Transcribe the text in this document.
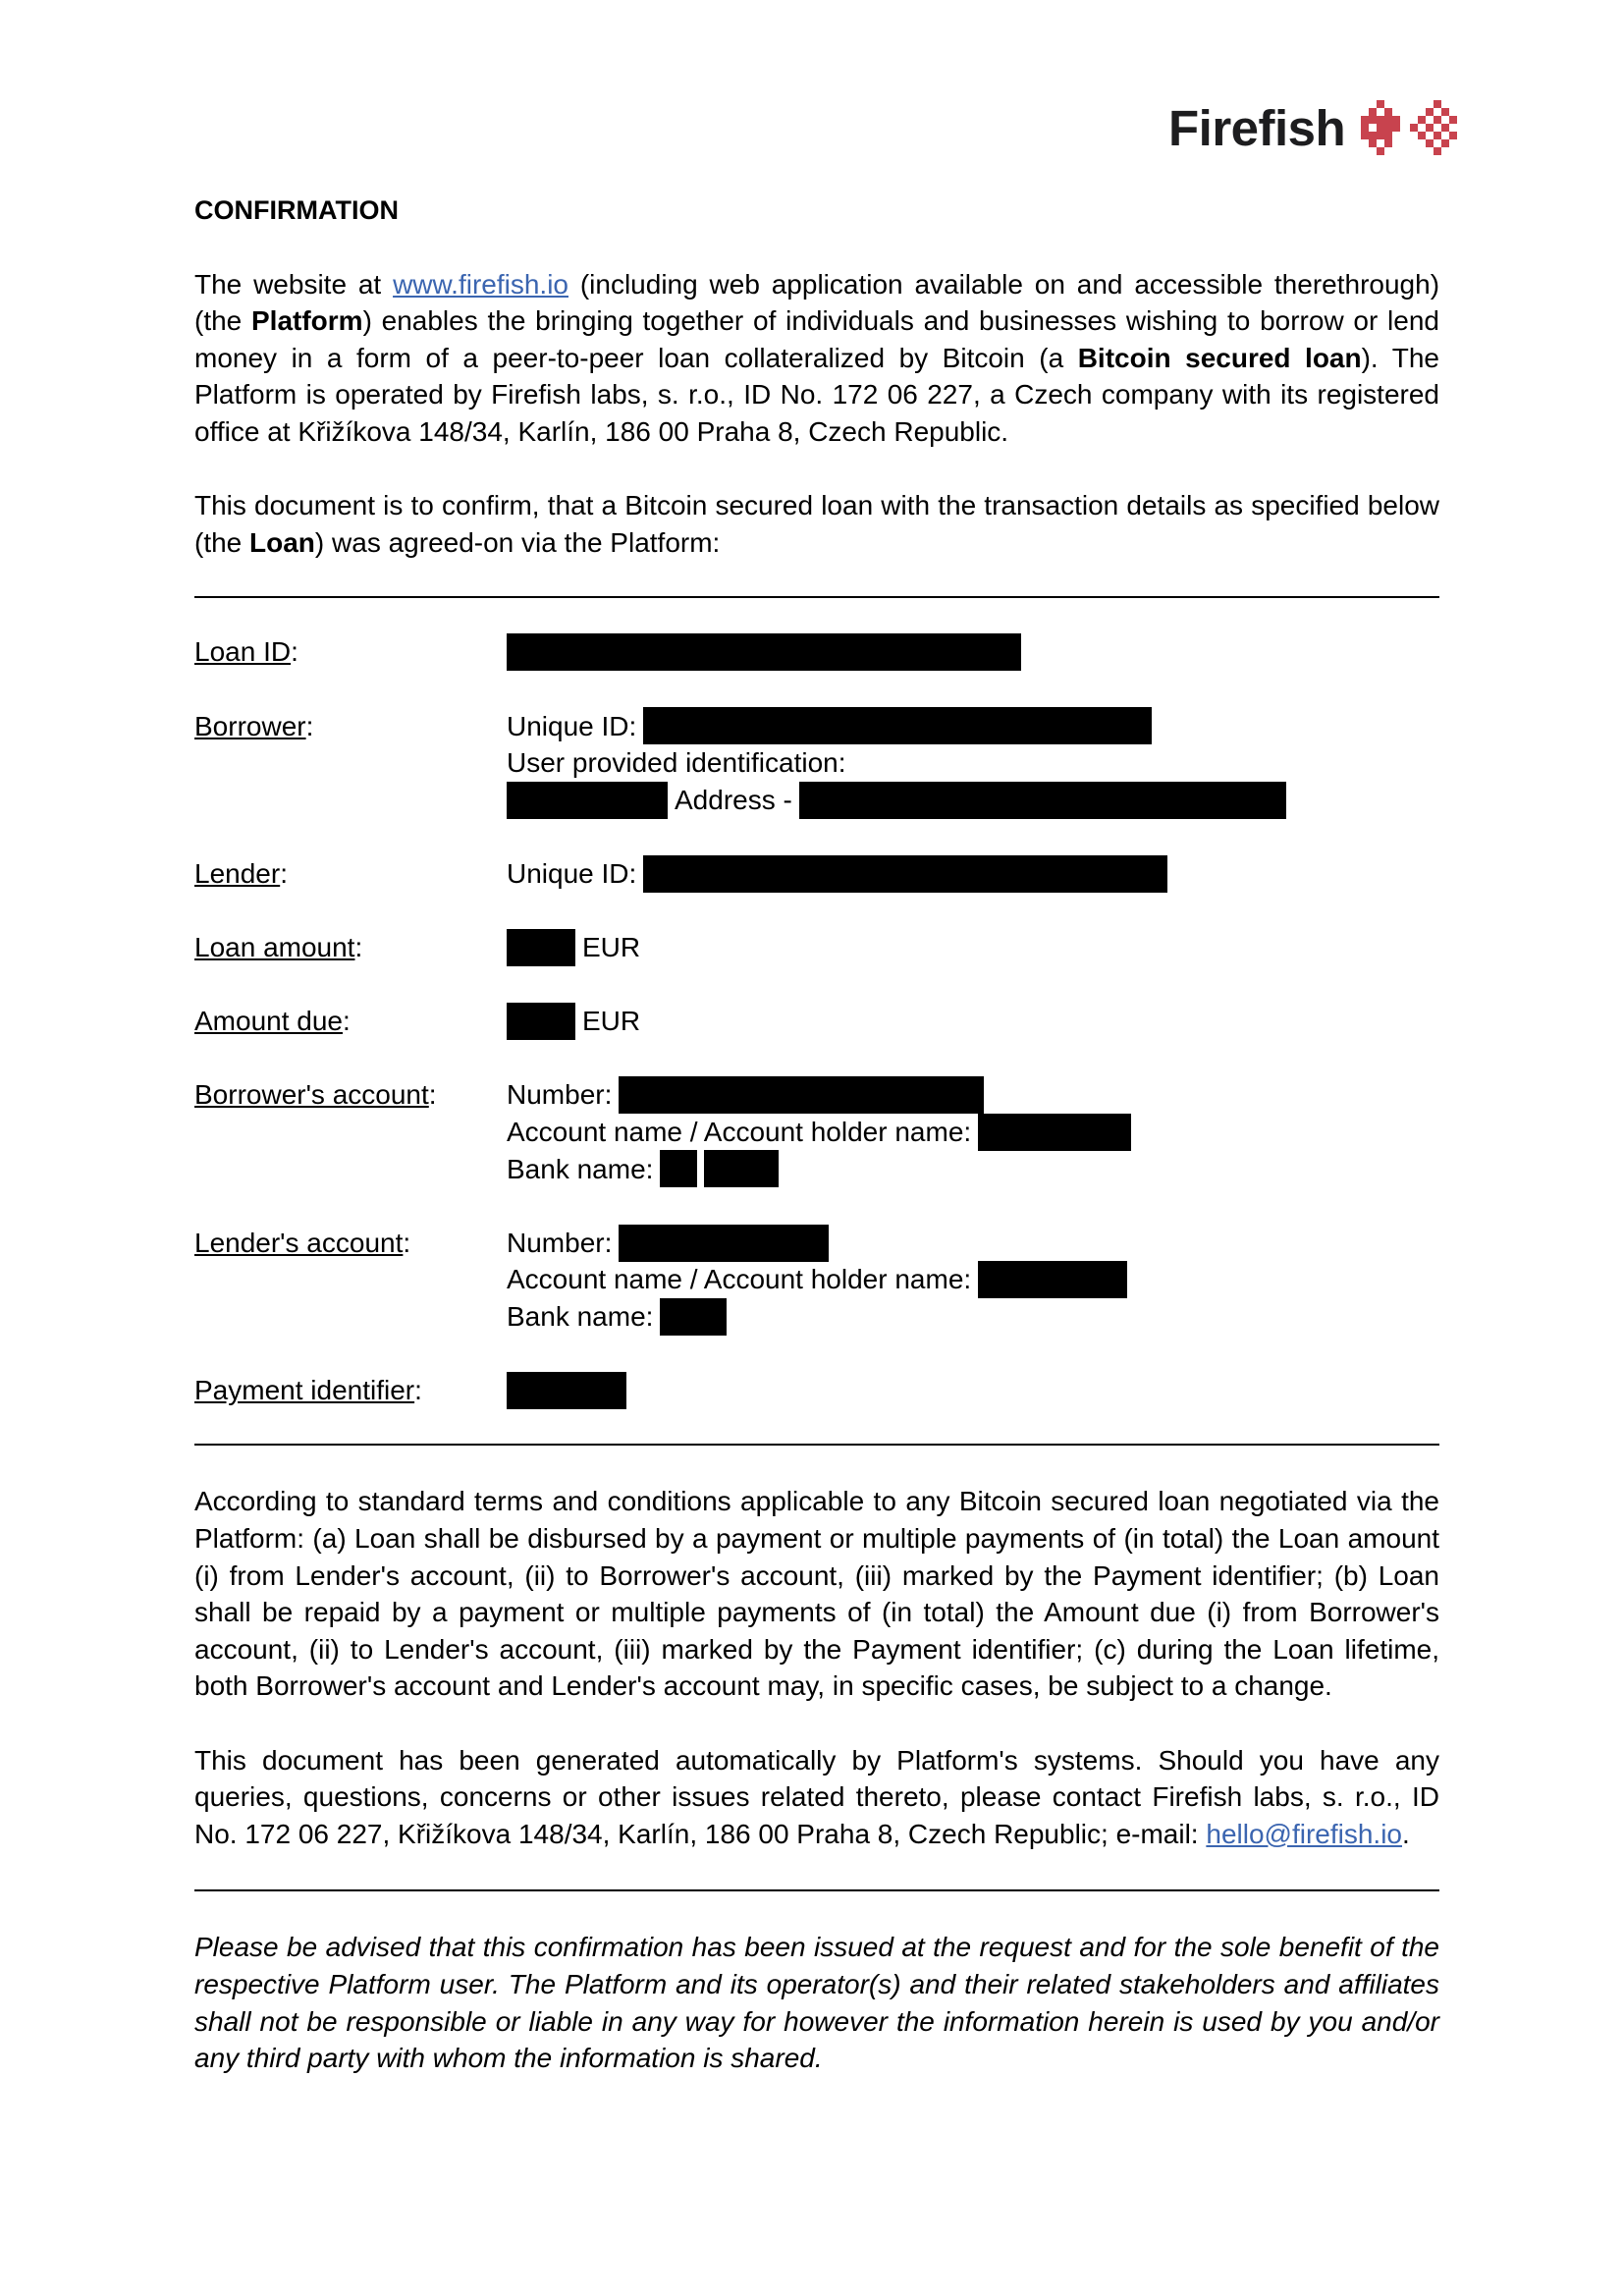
Firefish
CONFIRMATION

The website at www.firefish.io (including web application available on and accessible therethrough) (the Platform) enables the bringing together of individuals and businesses wishing to borrow or lend money in a form of a peer-to-peer loan collateralized by Bitcoin (a Bitcoin secured loan). The Platform is operated by Firefish labs, s. r.o., ID No. 172 06 227, a Czech company with its registered office at Křižíkova 148/34, Karlín, 186 00 Praha 8, Czech Republic.

This document is to confirm, that a Bitcoin secured loan with the transaction details as specified below (the Loan) was agreed-on via the Platform:

Loan ID:
Borrower:	Unique ID:
User provided identification:
Address -
Lender:	Unique ID:
Loan amount:	EUR
Amount due:	EUR
Borrower's account:	Number:
Account name / Account holder name:
Bank name:
Lender's account:	Number:
Account name / Account holder name:
Bank name:
Payment identifier:

According to standard terms and conditions applicable to any Bitcoin secured loan negotiated via the Platform: (a) Loan shall be disbursed by a payment or multiple payments of (in total) the Loan amount (i) from Lender's account, (ii) to Borrower's account, (iii) marked by the Payment identifier; (b) Loan shall be repaid by a payment or multiple payments of (in total) the Amount due (i) from Borrower's account, (ii) to Lender's account, (iii) marked by the Payment identifier; (c) during the Loan lifetime, both Borrower's account and Lender's account may, in specific cases, be subject to a change.

This document has been generated automatically by Platform's systems. Should you have any queries, questions, concerns or other issues related thereto, please contact Firefish labs, s. r.o., ID No. 172 06 227, Křižíkova 148/34, Karlín, 186 00 Praha 8, Czech Republic; e-mail: hello@firefish.io.

Please be advised that this confirmation has been issued at the request and for the sole benefit of the respective Platform user. The Platform and its operator(s) and their related stakeholders and affiliates shall not be responsible or liable in any way for however the information herein is used by you and/or any third party with whom the information is shared.
